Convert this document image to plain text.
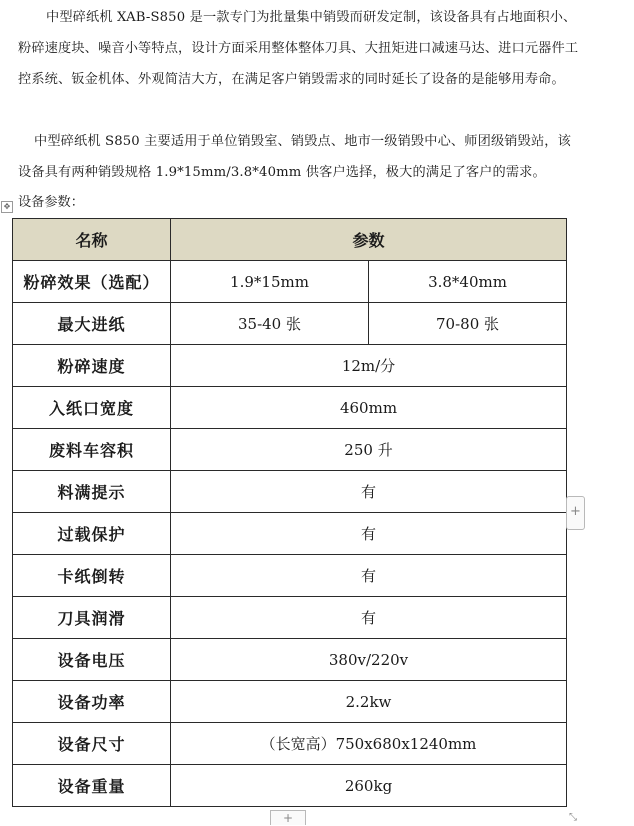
中型碎纸机 XAB-S850 是一款专门为批量集中销毁而研发定制，该设备具有占地面积小、粉碎速度块、噪音小等特点，设计方面采用整体整体刀具、大扭矩进口减速马达、进口元器件工控系统、钣金机体、外观简洁大方，在满足客户销毁需求的同时延长了设备的是能够用寿命。

中型碎纸机 S850 主要适用于单位销毁室、销毁点、地市一级销毁中心、师团级销毁站，该设备具有两种销毁规格 1.9*15mm/3.8*40mm 供客户选择，极大的满足了客户的需求。

✥ 设备参数：
名称	参数	
粉碎效果（选配）	1.9*15mm	3.8*40mm
最大进纸	35-40 张	70-80 张
粉碎速度	12m/分	
入纸口宽度	460mm	
废料车容积	250 升	
料满提示	有	
过载保护	有	
卡纸倒转	有	
刀具润滑	有	
设备电压	380v/220v	
设备功率	2.2kw	
设备尺寸	（长宽高）750x680x1240mm	
设备重量	260kg	
+
+	⤡
